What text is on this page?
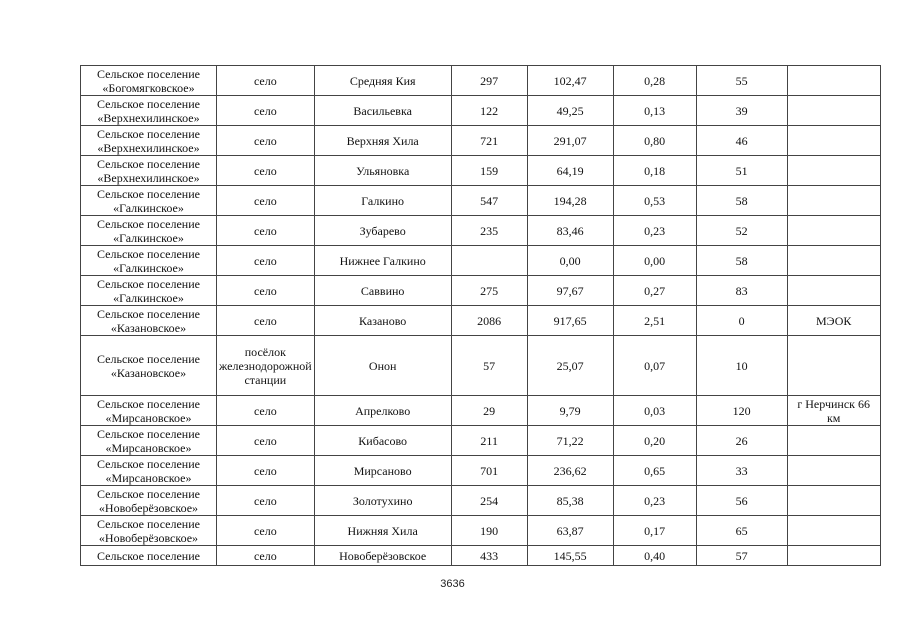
Сельское поселение «Богомягковское»	село	Средняя Кия	297	102,47	0,28	55	
Сельское поселение «Верхнехилинское»	село	Васильевка	122	49,25	0,13	39	
Сельское поселение «Верхнехилинское»	село	Верхняя Хила	721	291,07	0,80	46	
Сельское поселение «Верхнехилинское»	село	Ульяновка	159	64,19	0,18	51	
Сельское поселение «Галкинское»	село	Галкино	547	194,28	0,53	58	
Сельское поселение «Галкинское»	село	Зубарево	235	83,46	0,23	52	
Сельское поселение «Галкинское»	село	Нижнее Галкино		0,00	0,00	58	
Сельское поселение «Галкинское»	село	Саввино	275	97,67	0,27	83	
Сельское поселение «Казановское»	село	Казаново	2086	917,65	2,51	0	МЭОК
Сельское поселение «Казановское»	посёлок железнодорожной станции	Онон	57	25,07	0,07	10	
Сельское поселение «Мирсановское»	село	Апрелково	29	9,79	0,03	120	г Нерчинск 66 км
Сельское поселение «Мирсановское»	село	Кибасово	211	71,22	0,20	26	
Сельское поселение «Мирсановское»	село	Мирсаново	701	236,62	0,65	33	
Сельское поселение «Новоберёзовское»	село	Золотухино	254	85,38	0,23	56	
Сельское поселение «Новоберёзовское»	село	Нижняя Хила	190	63,87	0,17	65	
Сельское поселение	село	Новоберёзовское	433	145,55	0,40	57	
3636
